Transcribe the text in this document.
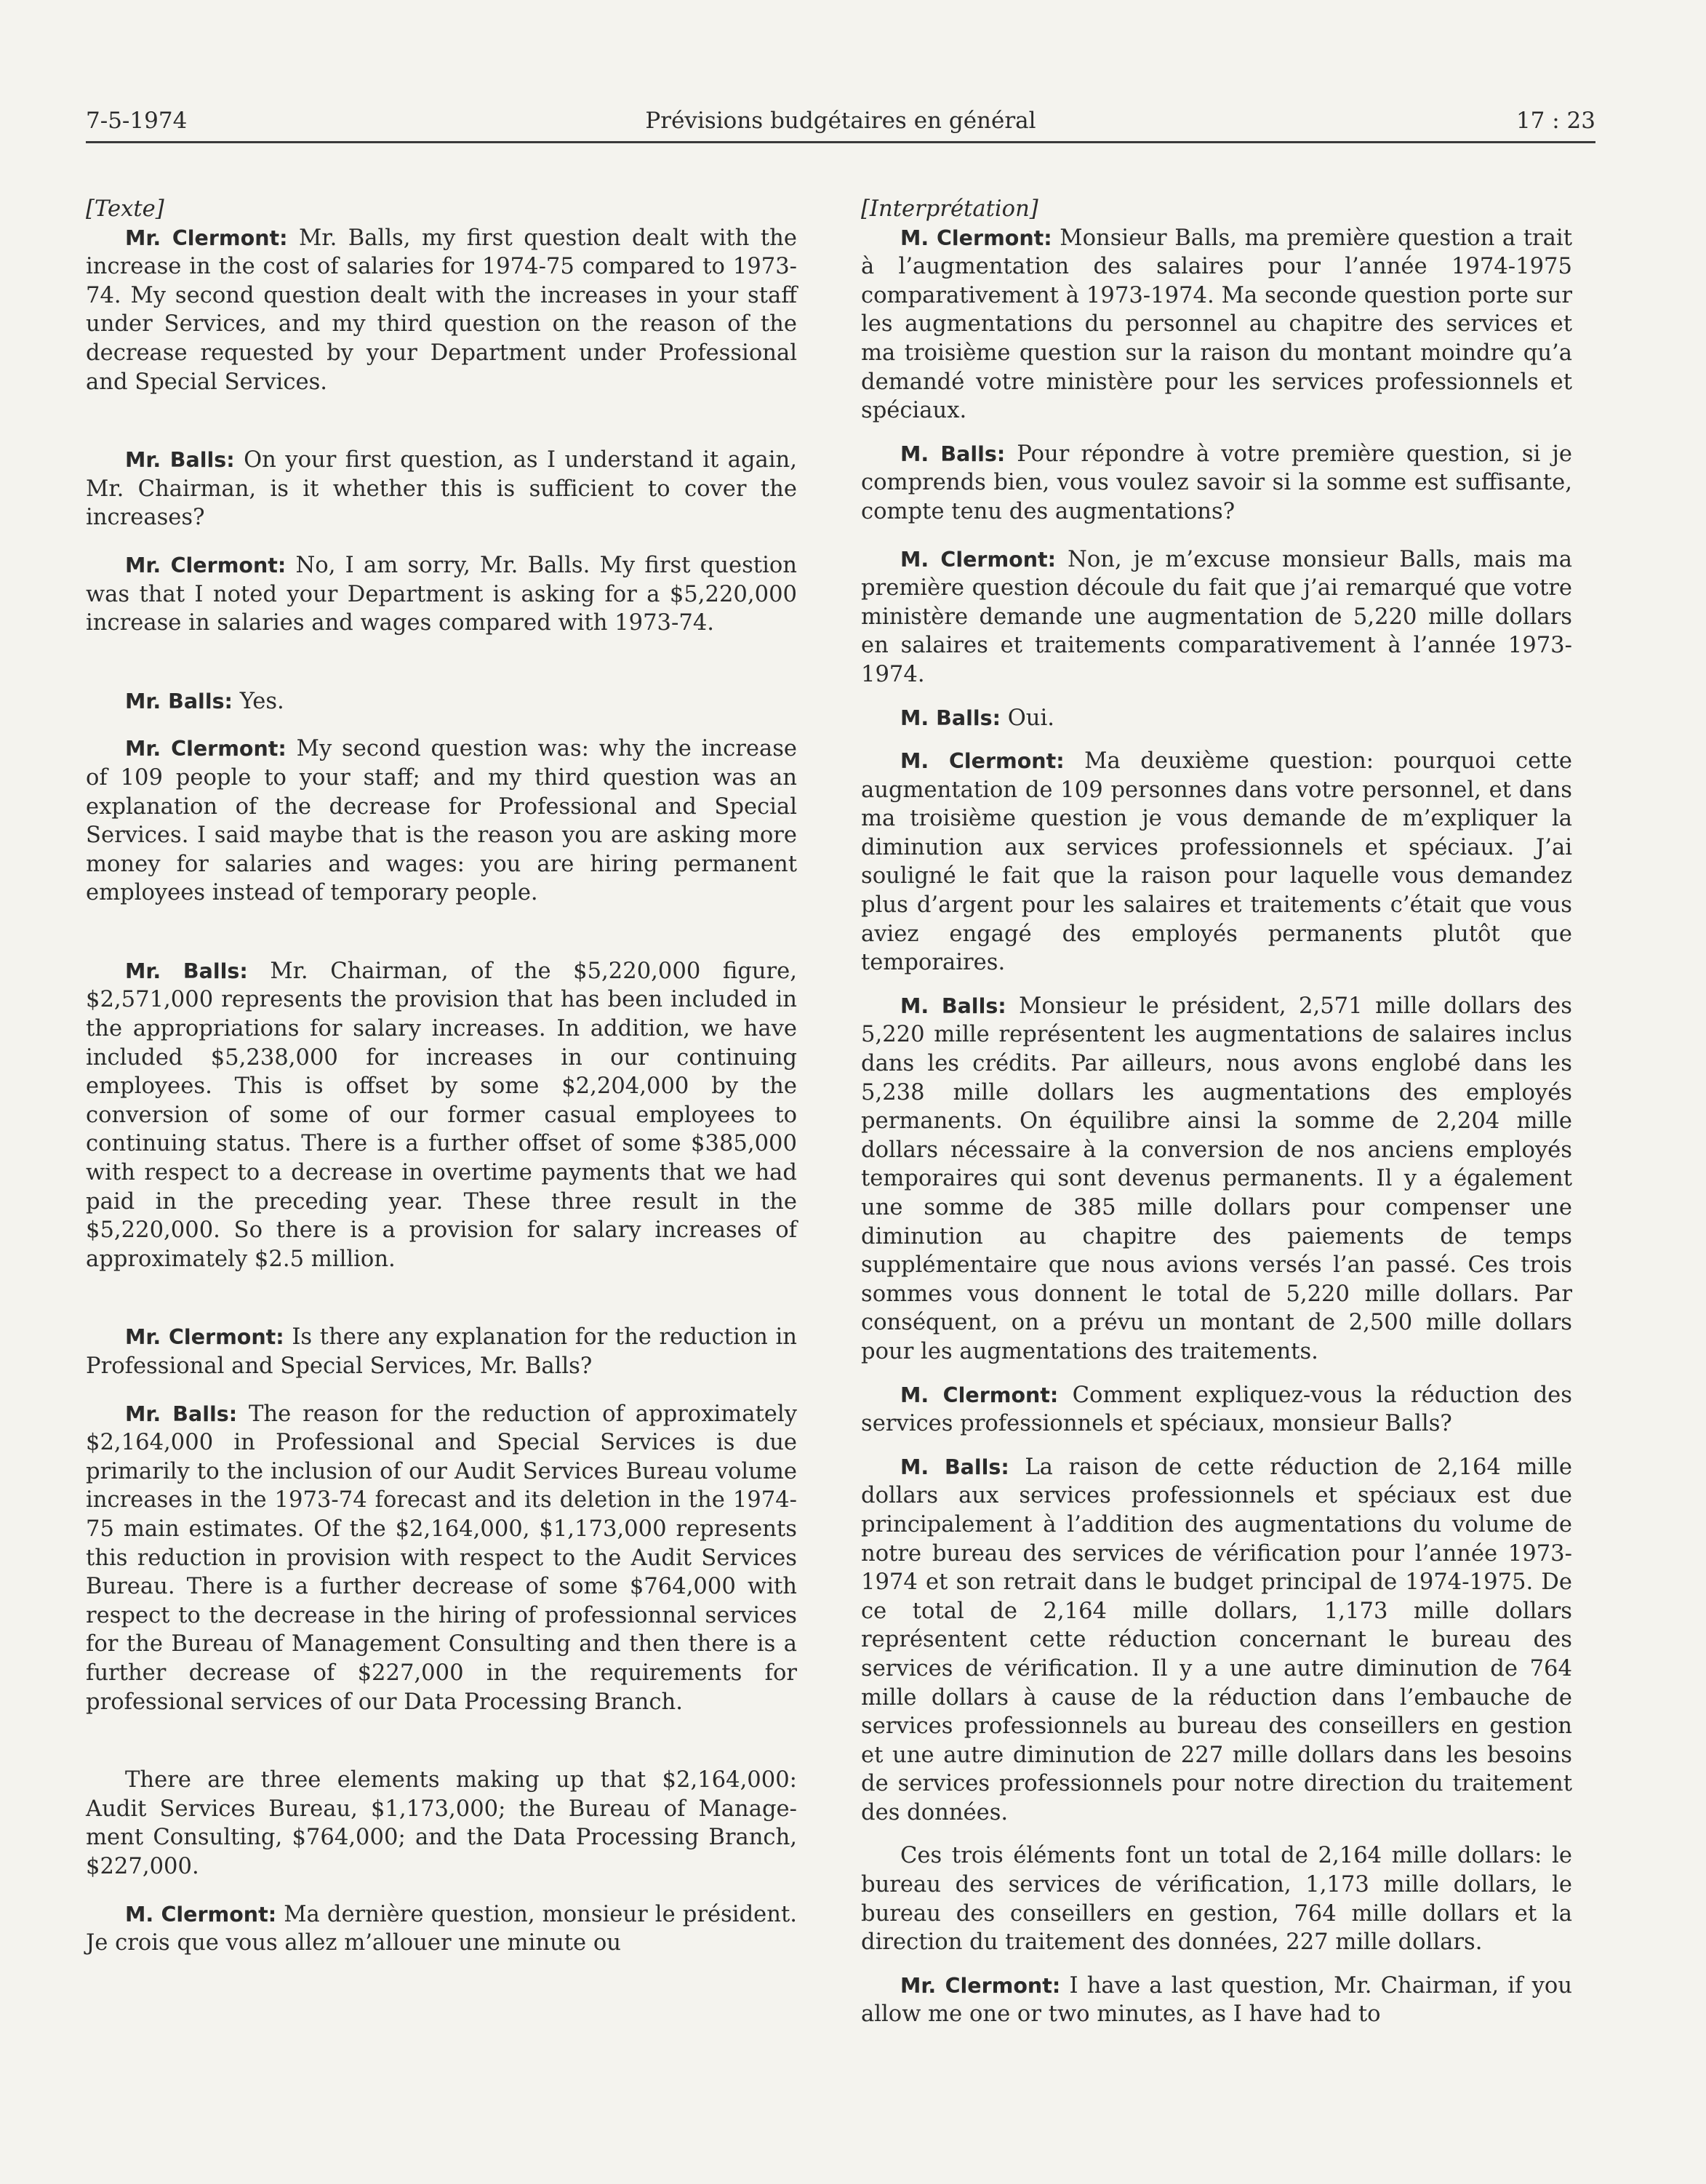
7-5-1974	Prévisions budgétaires en général	17 : 23

[Texte]

Mr. Clermont: Mr. Balls, my first question dealt with the increase in the cost of salaries for 1974-75 compared to 1973-74. My second question dealt with the increases in your staff under Services, and my third question on the reason of the decrease requested by your Department under Professional and Special Services.

Mr. Balls: On your first question, as I understand it again, Mr. Chairman, is it whether this is sufficient to cover the increases?

Mr. Clermont: No, I am sorry, Mr. Balls. My first question was that I noted your Department is asking for a $5,220,000 increase in salaries and wages compared with 1973-74.

Mr. Balls: Yes.

Mr. Clermont: My second question was: why the increase of 109 people to your staff; and my third question was an explanation of the decrease for Professional and Special Services. I said maybe that is the reason you are asking more money for salaries and wages: you are hiring permanent employees instead of temporary people.

Mr. Balls: Mr. Chairman, of the $5,220,000 figure, $2,571,000 represents the provision that has been included in the appropriations for salary increases. In addition, we have included $5,238,000 for increases in our continuing employees. This is offset by some $2,204,000 by the conversion of some of our former casual employees to continuing status. There is a further offset of some $385,000 with respect to a decrease in overtime payments that we had paid in the preceding year. These three result in the $5,220,000. So there is a provision for salary increases of approximately $2.5 million.

Mr. Clermont: Is there any explanation for the reduction in Professional and Special Services, Mr. Balls?

Mr. Balls: The reason for the reduction of approximately $2,164,000 in Professional and Special Services is due primarily to the inclusion of our Audit Services Bureau volume increases in the 1973-74 forecast and its deletion in the 1974-75 main estimates. Of the $2,164,000, $1,173,000 represents this reduction in provision with respect to the Audit Services Bureau. There is a further decrease of some $764,000 with respect to the decrease in the hiring of professionnal services for the Bureau of Management Consulting and then there is a further decrease of $227,000 in the requirements for professional services of our Data Processing Branch.

There are three elements making up that $2,164,000: Audit Services Bureau, $1,173,000; the Bureau of Management Consulting, $764,000; and the Data Processing Branch, $227,000.

M. Clermont: Ma dernière question, monsieur le président. Je crois que vous allez m’allouer une minute ou

[Interprétation]

M. Clermont: Monsieur Balls, ma première question a trait à l’augmentation des salaires pour l’année 1974-1975 comparativement à 1973-1974. Ma seconde question porte sur les augmentations du personnel au chapitre des services et ma troisième question sur la raison du montant moindre qu’a demandé votre ministère pour les services professionnels et spéciaux.

M. Balls: Pour répondre à votre première question, si je comprends bien, vous voulez savoir si la somme est suffisante, compte tenu des augmentations?

M. Clermont: Non, je m’excuse monsieur Balls, mais ma première question découle du fait que j’ai remarqué que votre ministère demande une augmentation de 5,220 mille dollars en salaires et traitements comparativement à l’année 1973-1974.

M. Balls: Oui.

M. Clermont: Ma deuxième question: pourquoi cette augmentation de 109 personnes dans votre personnel, et dans ma troisième question je vous demande de m’expliquer la diminution aux services professionnels et spéciaux. J’ai souligné le fait que la raison pour laquelle vous demandez plus d’argent pour les salaires et traitements c’était que vous aviez engagé des employés permanents plutôt que temporaires.

M. Balls: Monsieur le président, 2,571 mille dollars des 5,220 mille représentent les augmentations de salaires inclus dans les crédits. Par ailleurs, nous avons englobé dans les 5,238 mille dollars les augmentations des employés permanents. On équilibre ainsi la somme de 2,204 mille dollars nécessaire à la conversion de nos anciens employés temporaires qui sont devenus permanents. Il y a également une somme de 385 mille dollars pour compenser une diminution au chapitre des paiements de temps supplémentaire que nous avions versés l’an passé. Ces trois sommes vous donnent le total de 5,220 mille dollars. Par conséquent, on a prévu un montant de 2,500 mille dollars pour les augmentations des traitements.

M. Clermont: Comment expliquez-vous la réduction des services professionnels et spéciaux, monsieur Balls?

M. Balls: La raison de cette réduction de 2,164 mille dollars aux services professionnels et spéciaux est due principalement à l’addition des augmentations du volume de notre bureau des services de vérification pour l’année 1973-1974 et son retrait dans le budget principal de 1974-1975. De ce total de 2,164 mille dollars, 1,173 mille dollars représentent cette réduction concernant le bureau des services de vérification. Il y a une autre diminution de 764 mille dollars à cause de la réduction dans l’embauche de services professionnels au bureau des conseillers en gestion et une autre diminution de 227 mille dollars dans les besoins de services professionnels pour notre direction du traitement des données.

Ces trois éléments font un total de 2,164 mille dollars: le bureau des services de vérification, 1,173 mille dollars, le bureau des conseillers en gestion, 764 mille dollars et la direction du traitement des données, 227 mille dollars.

Mr. Clermont: I have a last question, Mr. Chairman, if you allow me one or two minutes, as I have had to
